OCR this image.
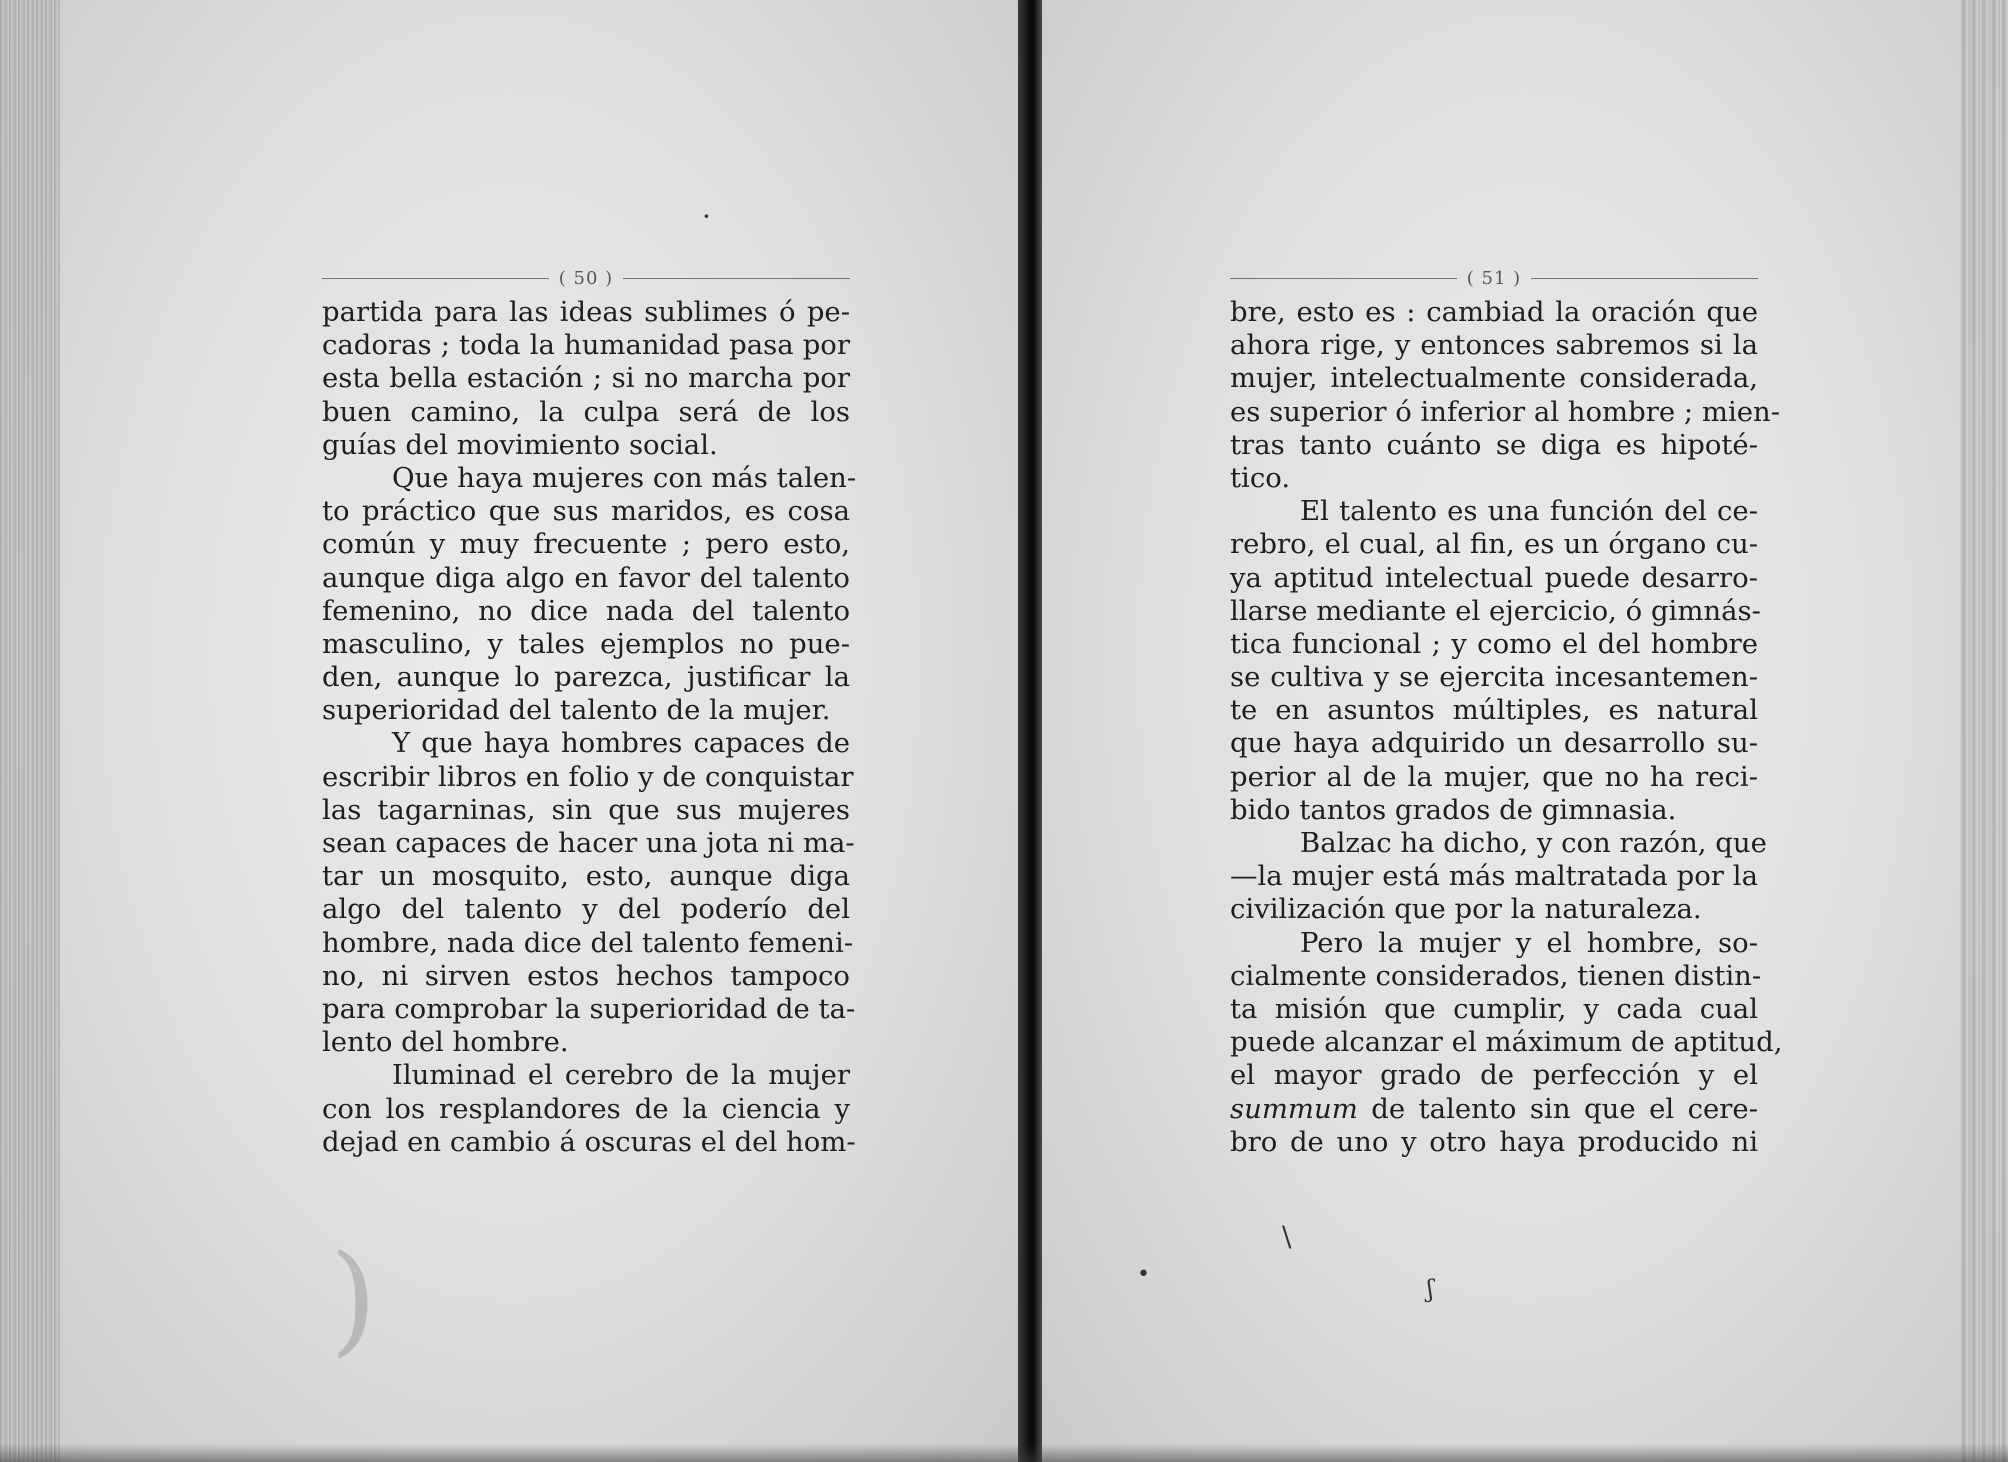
)
·
( 50 )
partida para las ideas sublimes ó pe-
cadoras ; toda la humanidad pasa por
esta bella estación ; si no marcha por
buen camino, la culpa será de los
guías del movimiento social.
Que haya mujeres con más talen-
to práctico que sus maridos, es cosa
común y muy frecuente ; pero esto,
aunque diga algo en favor del talento
femenino, no dice nada del talento
masculino, y tales ejemplos no pue-
den, aunque lo parezca, justificar la
superioridad del talento de la mujer.
Y que haya hombres capaces de
escribir libros en folio y de conquistar
las tagarninas, sin que sus mujeres
sean capaces de hacer una jota ni ma-
tar un mosquito, esto, aunque diga
algo del talento y del poderío del
hombre, nada dice del talento femeni-
no, ni sirven estos hechos tampoco
para comprobar la superioridad de ta-
lento del hombre.
Iluminad el cerebro de la mujer
con los resplandores de la ciencia y
dejad en cambio á oscuras el del hom-
\
•
ʃ
( 51 )
bre, esto es : cambiad la oración que
ahora rige, y entonces sabremos si la
mujer, intelectualmente considerada,
es superior ó inferior al hombre ; mien-
tras tanto cuánto se diga es hipoté-
tico.
El talento es una función del ce-
rebro, el cual, al fin, es un órgano cu-
ya aptitud intelectual puede desarro-
llarse mediante el ejercicio, ó gimnás-
tica funcional ; y como el del hombre
se cultiva y se ejercita incesantemen-
te en asuntos múltiples, es natural
que haya adquirido un desarrollo su-
perior al de la mujer, que no ha reci-
bido tantos grados de gimnasia.
Balzac ha dicho, y con razón, que
—la mujer está más maltratada por la
civilización que por la naturaleza.
Pero la mujer y el hombre, so-
cialmente considerados, tienen distin-
ta misión que cumplir, y cada cual
puede alcanzar el máximum de aptitud,
el mayor grado de perfección y el
summum de talento sin que el cere-
bro de uno y otro haya producido ni
